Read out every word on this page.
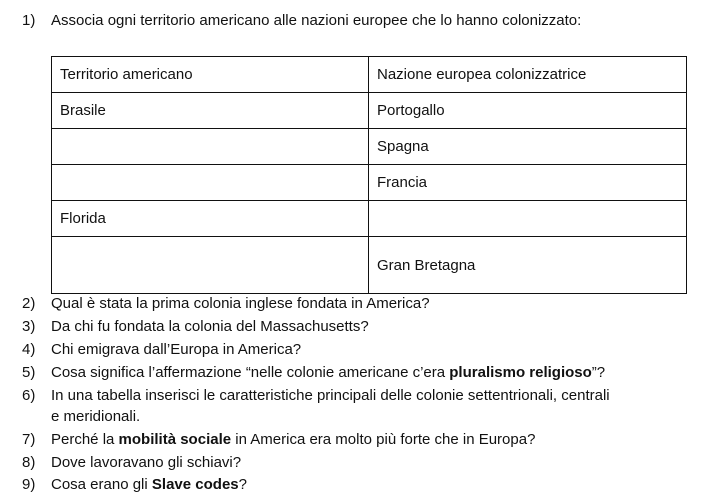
1) Associa ogni territorio americano alle nazioni europee che lo hanno colonizzato:
Territorio americano	Nazione europea colonizzatrice
Brasile	Portogallo
	Spagna
	Francia
Florida	
	Gran Bretagna
2) Qual è stata la prima colonia inglese fondata in America?
3) Da chi fu fondata la colonia del Massachusetts?
4) Chi emigrava dall’Europa in America?
5) Cosa significa l’affermazione “nelle colonie americane c’era pluralismo religioso”?
6) In una tabella inserisci le caratteristiche principali delle colonie settentrionali, centrali
e meridionali.
7) Perché la mobilità sociale in America era molto più forte che in Europa?
8) Dove lavoravano gli schiavi?
9) Cosa erano gli Slave codes?
